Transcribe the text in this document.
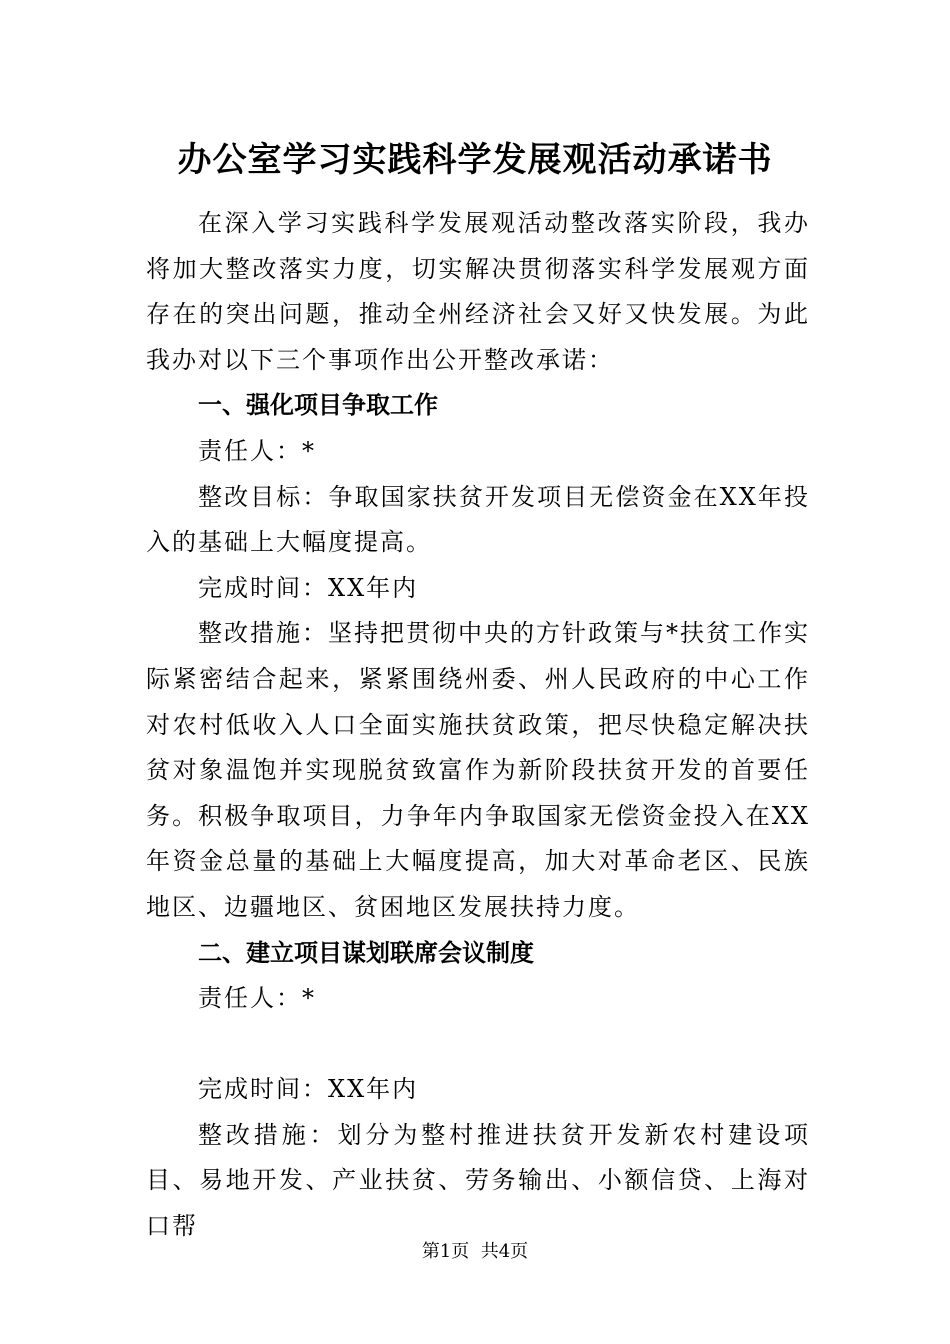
办公室学习实践科学发展观活动承诺书

在深入学习实践科学发展观活动整改落实阶段，我办将加大整改落实力度，切实解决贯彻落实科学发展观方面存在的突出问题，推动全州经济社会又好又快发展。为此我办对以下三个事项作出公开整改承诺：

一、强化项目争取工作

责任人：*

整改目标：争取国家扶贫开发项目无偿资金在XX年投入的基础上大幅度提高。

完成时间：XX年内

整改措施：坚持把贯彻中央的方针政策与*扶贫工作实际紧密结合起来，紧紧围绕州委、州人民政府的中心工作对农村低收入人口全面实施扶贫政策，把尽快稳定解决扶贫对象温饱并实现脱贫致富作为新阶段扶贫开发的首要任务。积极争取项目，力争年内争取国家无偿资金投入在XX年资金总量的基础上大幅度提高，加大对革命老区、民族地区、边疆地区、贫困地区发展扶持力度。

二、建立项目谋划联席会议制度

责任人：*

完成时间：XX年内

整改措施：划分为整村推进扶贫开发新农村建设项目、易地开发、产业扶贫、劳务输出、小额信贷、上海对口帮

第1页 共4页
